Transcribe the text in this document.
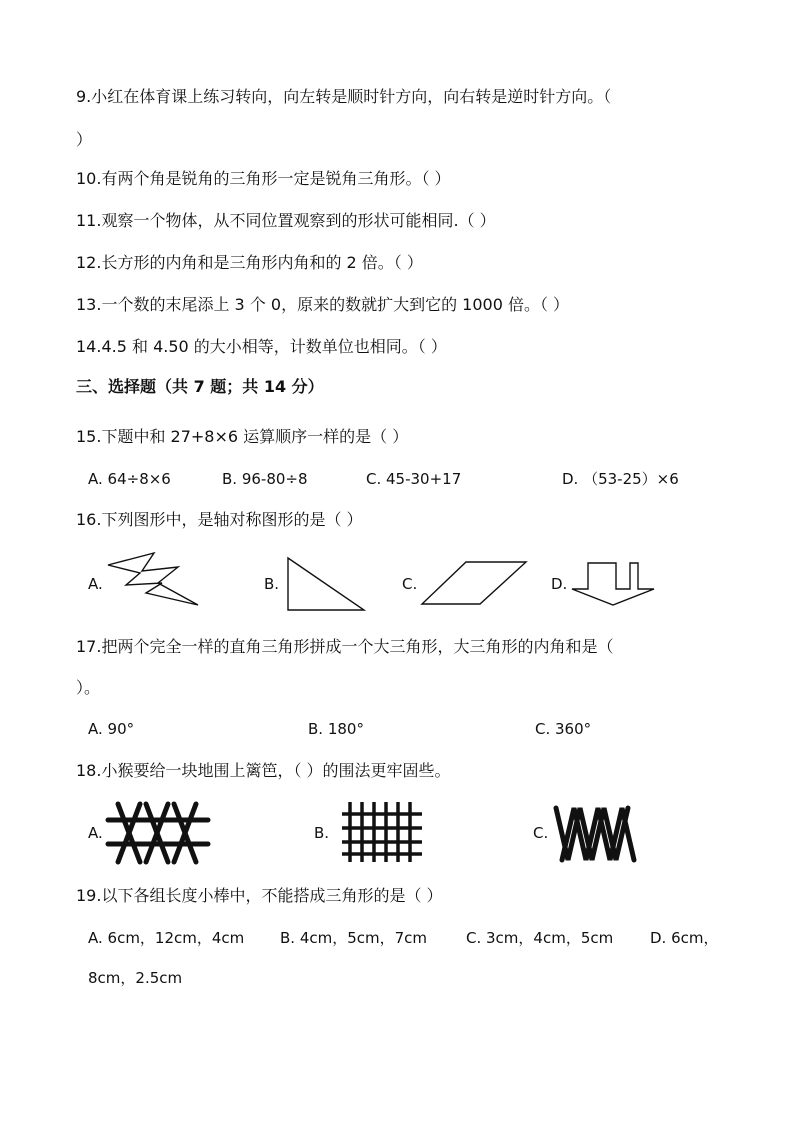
9.小红在体育课上练习转向，向左转是顺时针方向，向右转是逆时针方向。（
）
10.有两个角是锐角的三角形一定是锐角三角形。（ ）
11.观察一个物体，从不同位置观察到的形状可能相同.（ ）
12.长方形的内角和是三角形内角和的 2 倍。（ ）
13.一个数的末尾添上 3 个 0，原来的数就扩大到它的 1000 倍。（ ）
14.4.5 和 4.50 的大小相等，计数单位也相同。（ ）
三、选择题（共 7 题；共 14 分）
15.下题中和 27+8×6 运算顺序一样的是（ ）
A. 64÷8×6	B. 96-80÷8	C. 45-30+17	D. （53-25）×6
16.下列图形中，是轴对称图形的是（ ）
A.	B.	C.	D.
17.把两个完全一样的直角三角形拼成一个大三角形，大三角形的内角和是（
）。
A. 90°	B. 180°	C. 360°
18.小猴要给一块地围上篱笆，（ ）的围法更牢固些。
A.	B.	C.
19.以下各组长度小棒中，不能搭成三角形的是（ ）
A. 6cm，12cm，4cm B. 4cm，5cm，7cm	C. 3cm，4cm，5cm D. 6cm，
8cm，2.5cm
